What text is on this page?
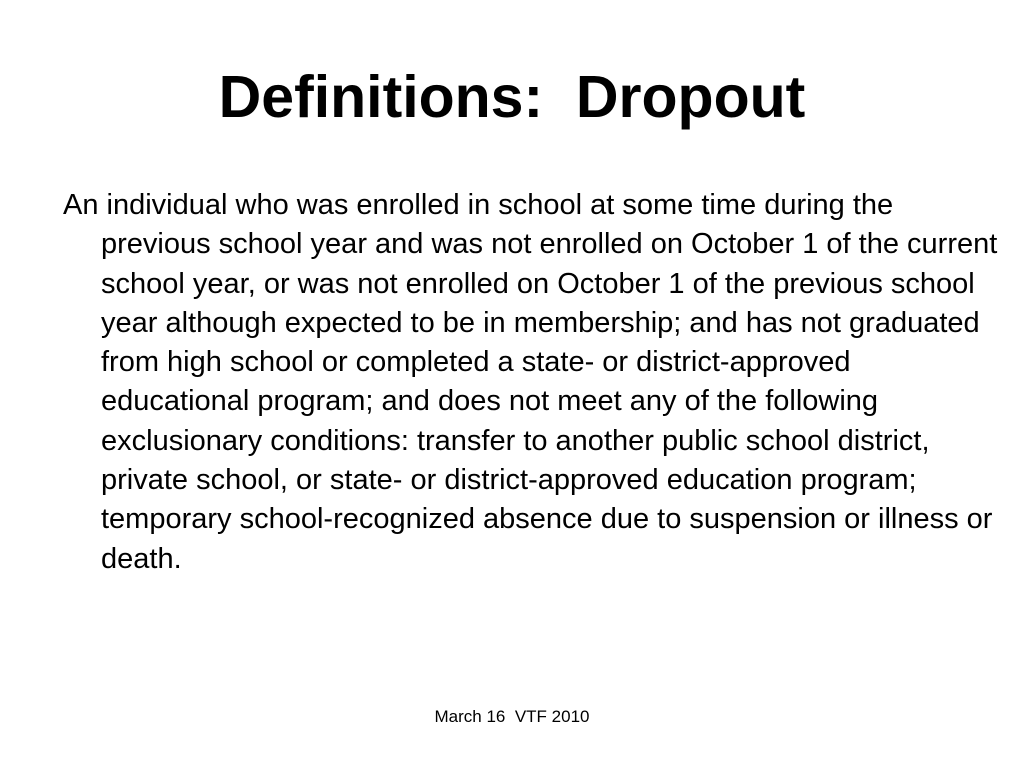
Definitions:  Dropout

An individual who was enrolled in school at some time during the previous school year and was not enrolled on October 1 of the current school year, or was not enrolled on October 1 of the previous school year although expected to be in membership; and has not graduated from high school or completed a state- or district-approved educational program; and does not meet any of the following exclusionary conditions: transfer to another public school district, private school, or state- or district-approved education program; temporary school-recognized absence due to suspension or illness or death.

March 16  VTF 2010
